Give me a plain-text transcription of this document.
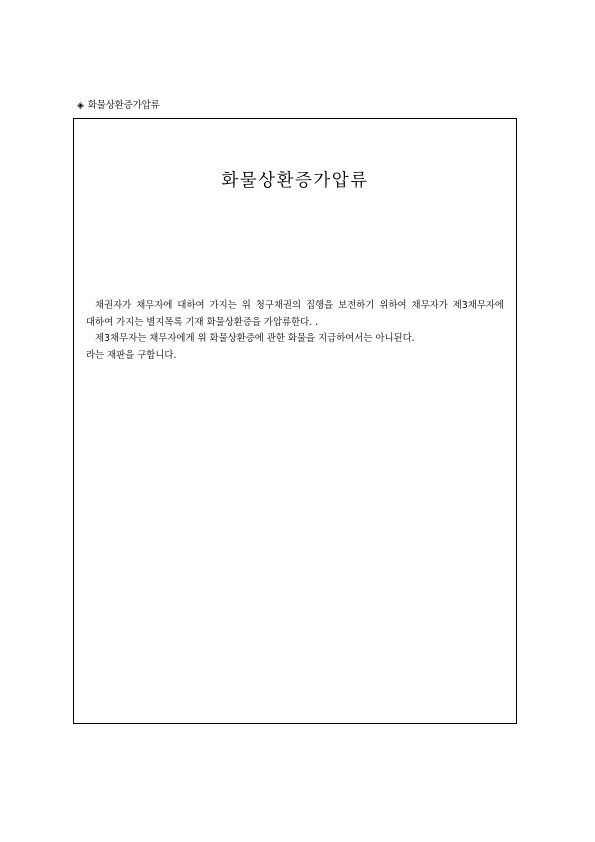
◈ 화물상환증가압류
화물상환증가압류

채권자가 채무자에 대하여 가지는 위 청구채권의 집행을 보전하기 위하여 채무자가 제3채무자에 대하여 가지는 별지목록 기재 화물상환증을 가압류한다. .

제3채무자는 채무자에게 위 화물상환증에 관한 화물을 지급하여서는 아니된다.

라는 재판을 구합니다.
